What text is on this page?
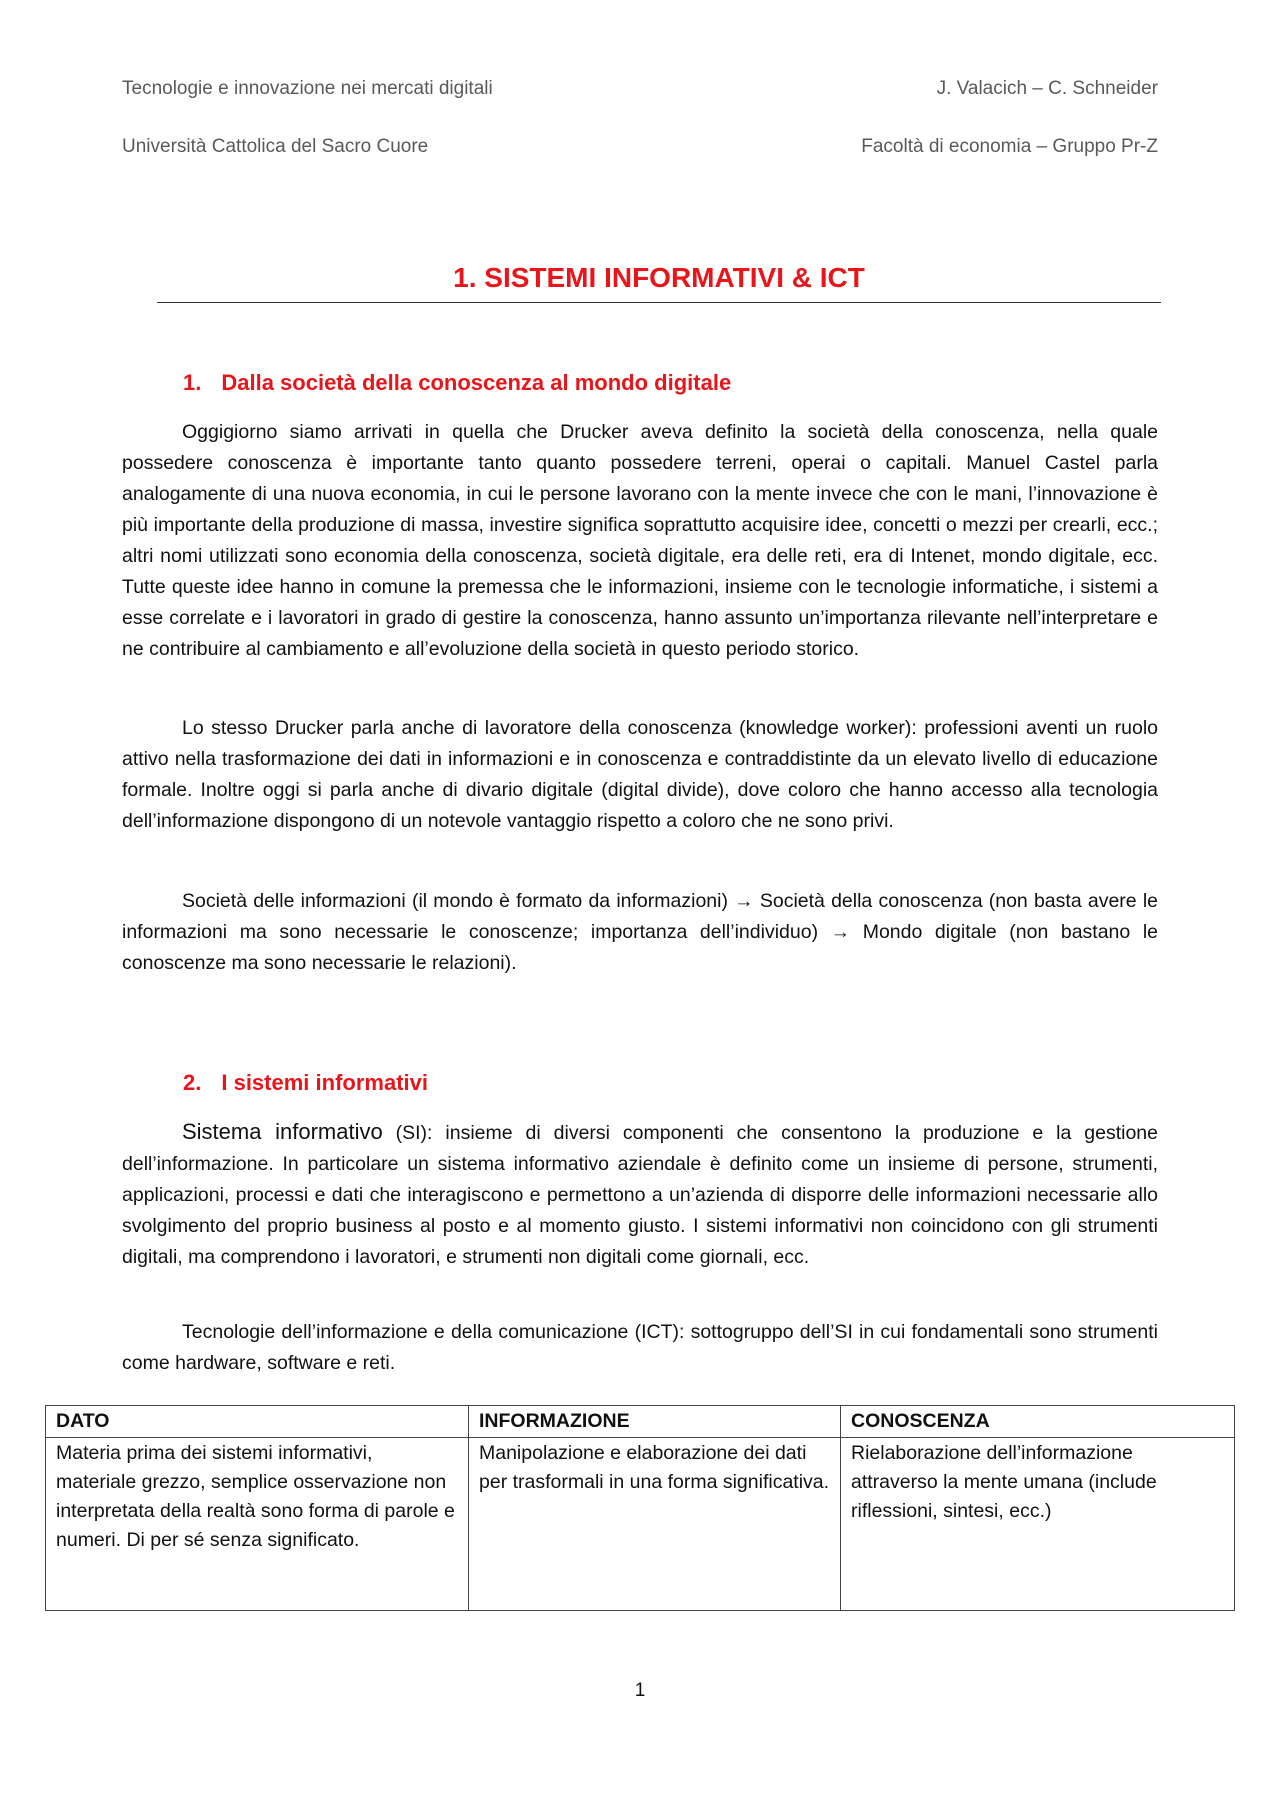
Tecnologie e innovazione nei mercati digitali	J. Valacich – C. Schneider
Università Cattolica del Sacro Cuore	Facoltà di economia – Gruppo Pr-Z
1. SISTEMI INFORMATIVI & ICT
1. Dalla società della conoscenza al mondo digitale

Oggigiorno siamo arrivati in quella che Drucker aveva definito la società della conoscenza, nella quale possedere conoscenza è importante tanto quanto possedere terreni, operai o capitali. Manuel Castel parla analogamente di una nuova economia, in cui le persone lavorano con la mente invece che con le mani, l’innovazione è più importante della produzione di massa, investire significa soprattutto acquisire idee, concetti o mezzi per crearli, ecc.; altri nomi utilizzati sono economia della conoscenza, società digitale, era delle reti, era di Intenet, mondo digitale, ecc. Tutte queste idee hanno in comune la premessa che le informazioni, insieme con le tecnologie informatiche, i sistemi a esse correlate e i lavoratori in grado di gestire la conoscenza, hanno assunto un’importanza rilevante nell’interpretare e ne contribuire al cambiamento e all’evoluzione della società in questo periodo storico.

Lo stesso Drucker parla anche di lavoratore della conoscenza (knowledge worker): professioni aventi un ruolo attivo nella trasformazione dei dati in informazioni e in conoscenza e contraddistinte da un elevato livello di educazione formale. Inoltre oggi si parla anche di divario digitale (digital divide), dove coloro che hanno accesso alla tecnologia dell’informazione dispongono di un notevole vantaggio rispetto a coloro che ne sono privi.

Società delle informazioni (il mondo è formato da informazioni) → Società della conoscenza (non basta avere le informazioni ma sono necessarie le conoscenze; importanza dell’individuo) → Mondo digitale (non bastano le conoscenze ma sono necessarie le relazioni).

2. I sistemi informativi

Sistema informativo (SI): insieme di diversi componenti che consentono la produzione e la gestione dell’informazione. In particolare un sistema informativo aziendale è definito come un insieme di persone, strumenti, applicazioni, processi e dati che interagiscono e permettono a un’azienda di disporre delle informazioni necessarie allo svolgimento del proprio business al posto e al momento giusto. I sistemi informativi non coincidono con gli strumenti digitali, ma comprendono i lavoratori, e strumenti non digitali come giornali, ecc.

Tecnologie dell’informazione e della comunicazione (ICT): sottogruppo dell’SI in cui fondamentali sono strumenti come hardware, software e reti.

DATO	INFORMAZIONE	CONOSCENZA
Materia prima dei sistemi informativi, materiale grezzo, semplice osservazione non interpretata della realtà sono forma di parole e numeri. Di per sé senza significato.	Manipolazione e elaborazione dei dati per trasformali in una forma significativa.	Rielaborazione dell’informazione attraverso la mente umana (include riflessioni, sintesi, ecc.)
1
